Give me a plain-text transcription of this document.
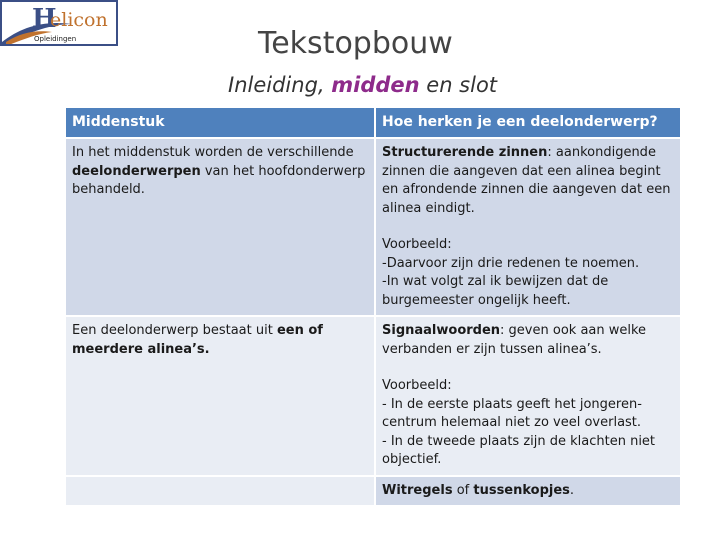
H
elicon
Opleidingen	Tekstopbouw
Inleiding, midden en slot
Middenstuk	Hoe herken je een deelonderwerp?

In het middenstuk worden de verschillende deelonderwerpen van het hoofdonderwerp behandeld.	Structurerende zinnen: aankondigende zinnen die aangeven dat een alinea begint en afrondende zinnen die aangeven dat een alinea eindigt.

Voorbeeld:

-Daarvoor zijn drie redenen te noemen.

-In wat volgt zal ik bewijzen dat de burgemeester ongelijk heeft.

Een deelonderwerp bestaat uit een of meerdere alinea’s.	Signaalwoorden: geven ook aan welke verbanden er zijn tussen alinea’s.

Voorbeeld:

- In de eerste plaats geeft het jongeren-centrum helemaal niet zo veel overlast.

- In de tweede plaats zijn de klachten niet objectief.

	Witregels of tussenkopjes.
